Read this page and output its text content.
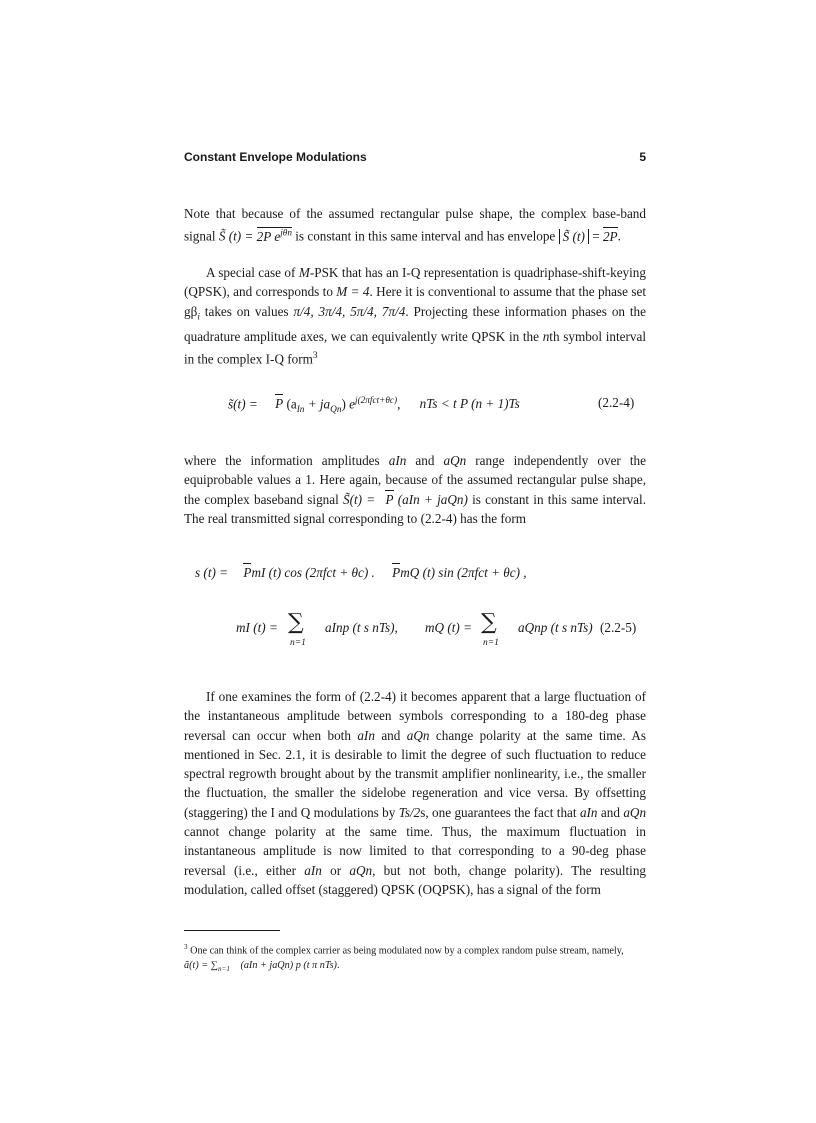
Constant Envelope Modulations	5

Note that because of the assumed rectangular pulse shape, the complex base-band signal S̃ (t) = 2P $e^{j\theta n}$ is constant in this same interval and has envelope S̃ (t) = 2P.

A special case of M-PSK that has an I-Q representation is quadriphase-shift-keying (QPSK), and corresponds to M = 4. Here it is conventional to assume that the phase set $g\beta_i$ takes on values π/4, 3π/4, 5π/4, 7π/4. Projecting these information phases on the quadrature amplitude axes, we can equivalently write QPSK in the nth symbol interval in the complex I-Q form$^3$

s̃(t) = P $(a_{In} + ja_{Qn})$ $e^{j(2\pi fct+\theta c)}$, nTs < t P (n + 1)Ts	(2.2-4)

where the information amplitudes aIn and aQn range independently over the equiprobable values a 1. Here again, because of the assumed rectangular pulse shape, the complex baseband signal S̃(t) = P (aIn + jaQn) is constant in this same interval. The real transmitted signal corresponding to (2.2-4) has the form

s (t) = PmI (t) cos (2πfct + θc) . PmQ (t) sin (2πfct + θc) ,
mI (t) = ∑
n=1
aInp (t s nTs), mQ (t) = ∑
n=1
aQnp (t s nTs) (2.2-5)

If one examines the form of (2.2-4) it becomes apparent that a large fluctuation of the instantaneous amplitude between symbols corresponding to a 180-deg phase reversal can occur when both aIn and aQn change polarity at the same time. As mentioned in Sec. 2.1, it is desirable to limit the degree of such fluctuation to reduce spectral regrowth brought about by the transmit amplifier nonlinearity, i.e., the smaller the fluctuation, the smaller the sidelobe regeneration and vice versa. By offsetting (staggering) the I and Q modulations by Ts/2s, one guarantees the fact that aIn and aQn cannot change polarity at the same time. Thus, the maximum fluctuation in instantaneous amplitude is now limited to that corresponding to a 90-deg phase reversal (i.e., either aIn or aQn, but not both, change polarity). The resulting modulation, called offset (staggered) QPSK (OQPSK), has a signal of the form

$^3$ One can think of the complex carrier as being modulated now by a complex random pulse stream, namely, ã(t) = $\sum_{n=1}$ (aIn + jaQn) p (t π nTs).
